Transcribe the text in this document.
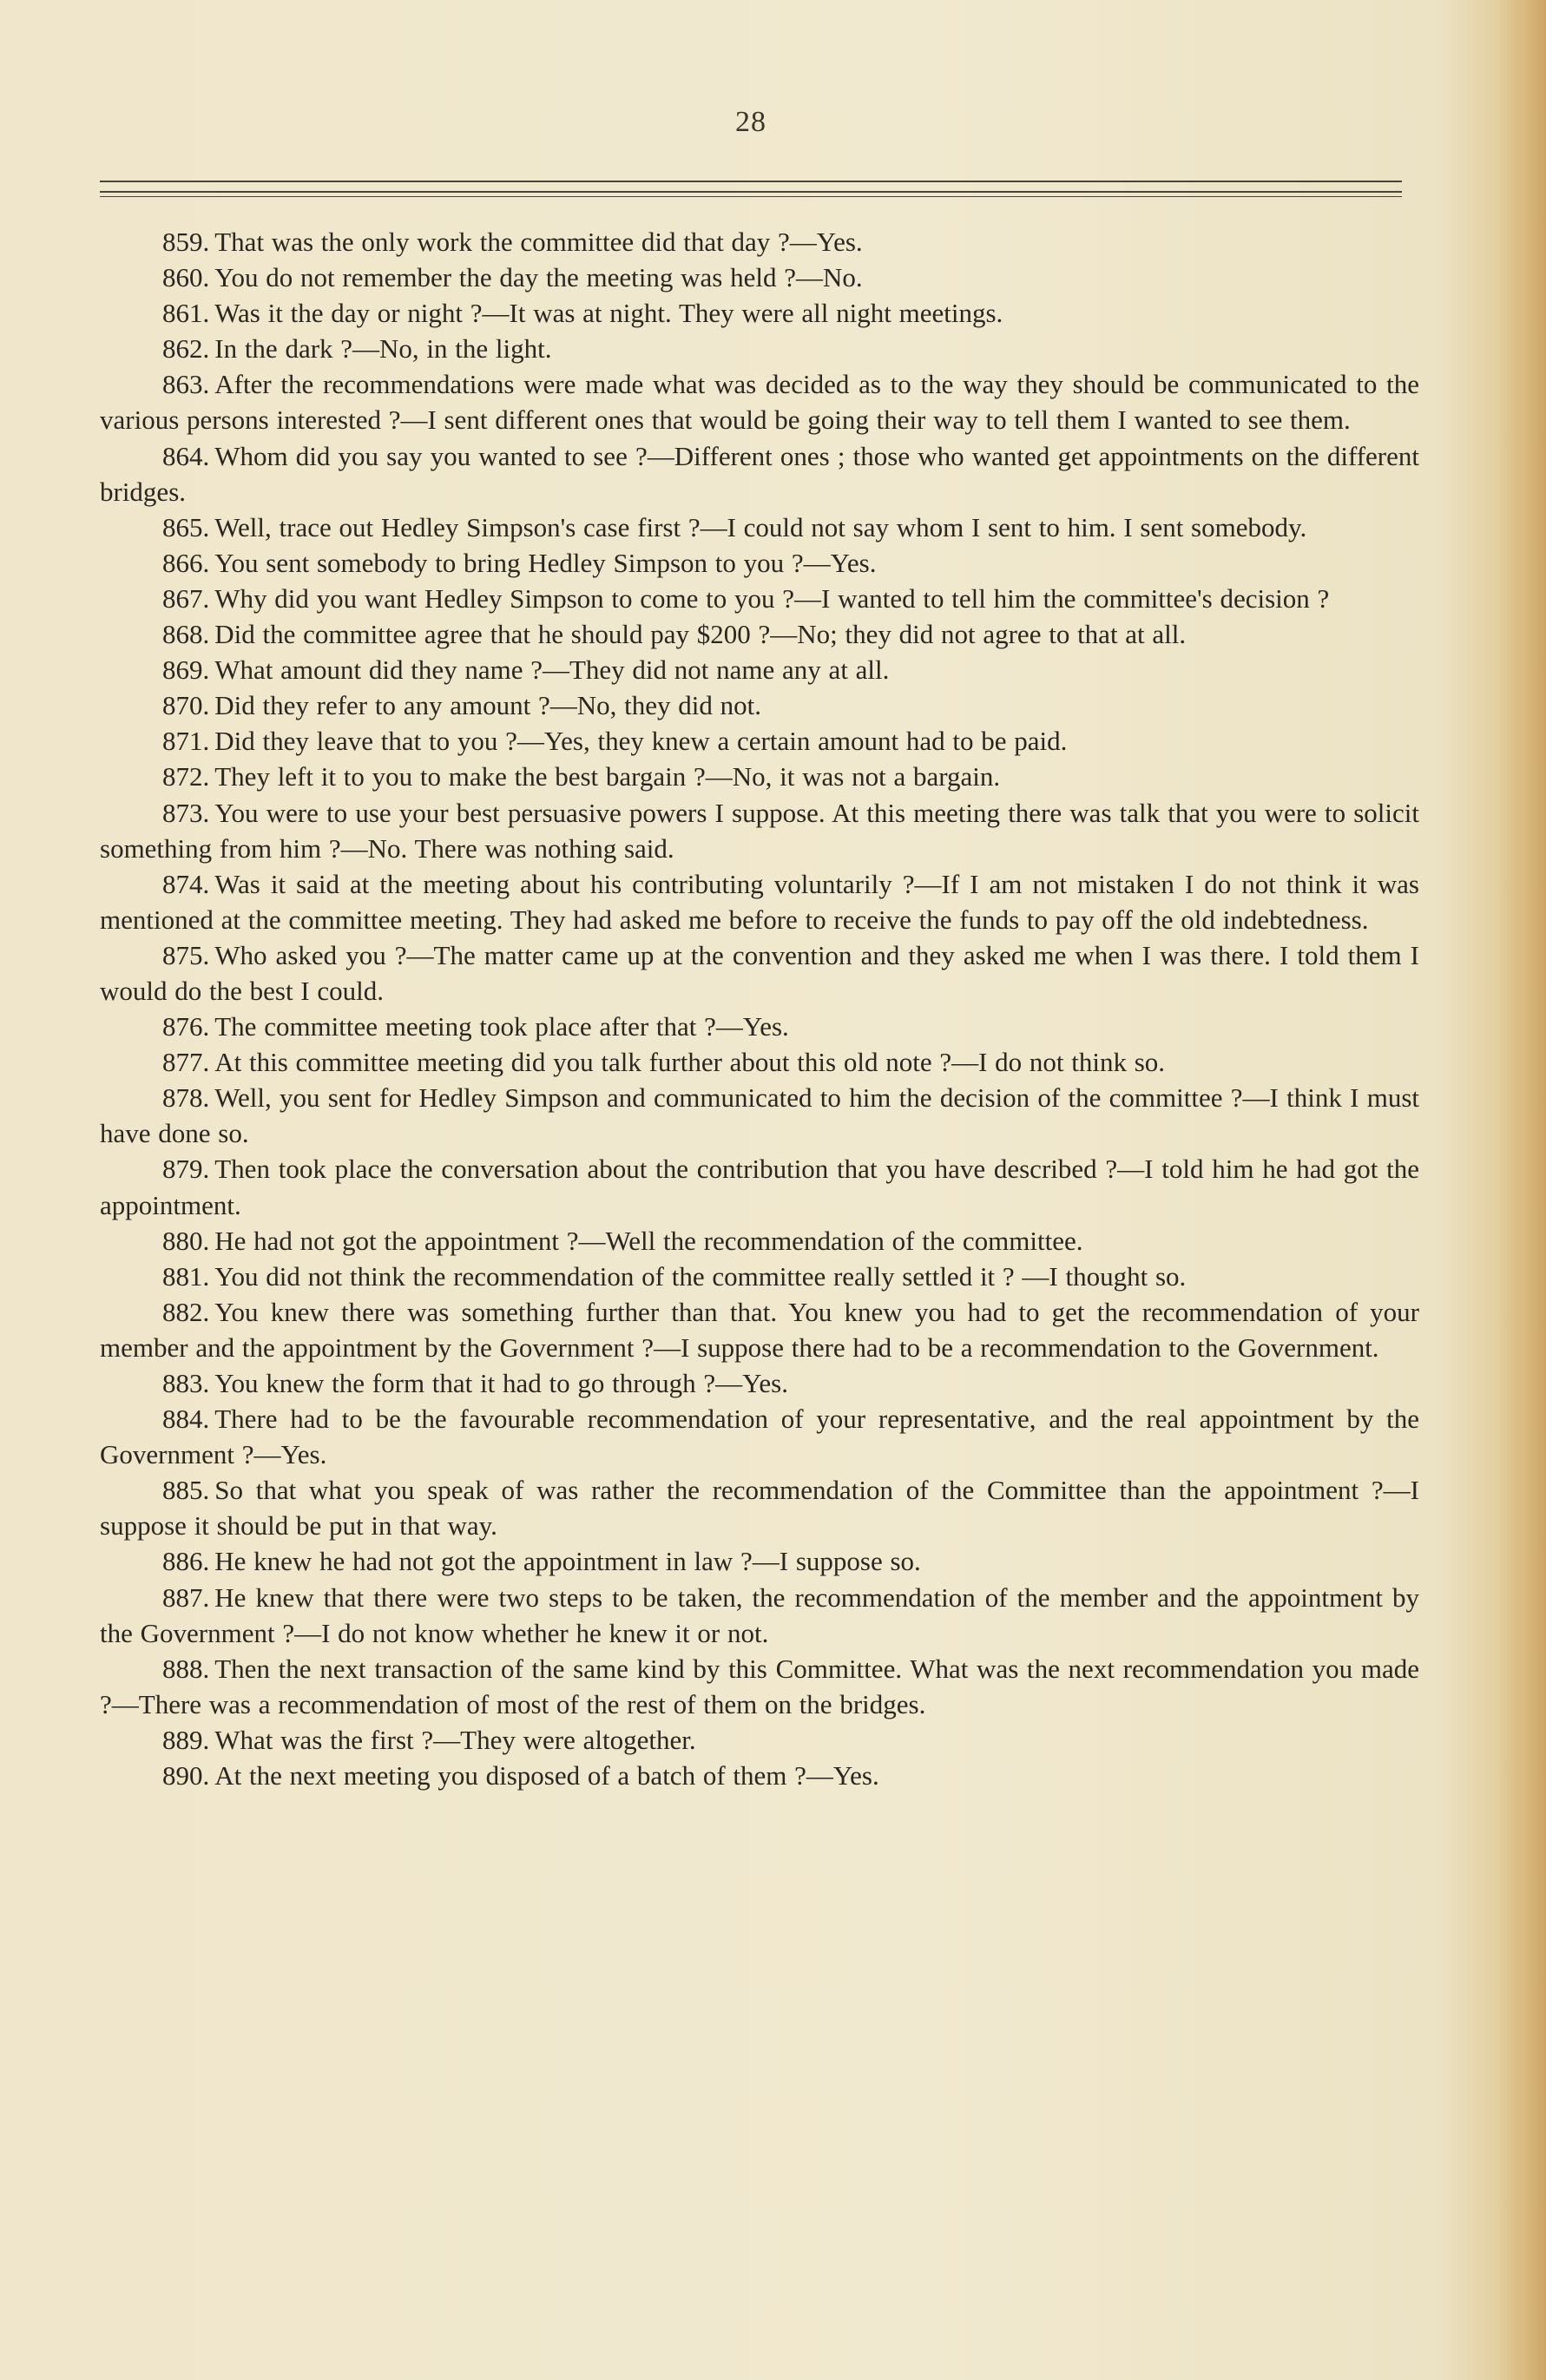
28

859. That was the only work the committee did that day ?—Yes.

860. You do not remember the day the meeting was held ?—No.

861. Was it the day or night ?—It was at night. They were all night meetings.

862. In the dark ?—No, in the light.

863. After the recommendations were made what was decided as to the way they should be communicated to the various persons interested ?—I sent different ones that would be going their way to tell them I wanted to see them.

864. Whom did you say you wanted to see ?—Different ones ; those who wanted get appointments on the different bridges.

865. Well, trace out Hedley Simpson's case first ?—I could not say whom I sent to him. I sent somebody.

866. You sent somebody to bring Hedley Simpson to you ?—Yes.

867. Why did you want Hedley Simpson to come to you ?—I wanted to tell him the committee's decision ?

868. Did the committee agree that he should pay $200 ?—No; they did not agree to that at all.

869. What amount did they name ?—They did not name any at all.

870. Did they refer to any amount ?—No, they did not.

871. Did they leave that to you ?—Yes, they knew a certain amount had to be paid.

872. They left it to you to make the best bargain ?—No, it was not a bargain.

873. You were to use your best persuasive powers I suppose. At this meeting there was talk that you were to solicit something from him ?—No. There was nothing said.

874. Was it said at the meeting about his contributing voluntarily ?—If I am not mistaken I do not think it was mentioned at the committee meeting. They had asked me before to receive the funds to pay off the old indebtedness.

875. Who asked you ?—The matter came up at the convention and they asked me when I was there. I told them I would do the best I could.

876. The committee meeting took place after that ?—Yes.

877. At this committee meeting did you talk further about this old note ?—I do not think so.

878. Well, you sent for Hedley Simpson and communicated to him the decision of the committee ?—I think I must have done so.

879. Then took place the conversation about the contribution that you have described ?—I told him he had got the appointment.

880. He had not got the appointment ?—Well the recommendation of the committee.

881. You did not think the recommendation of the committee really settled it ? —I thought so.

882. You knew there was something further than that. You knew you had to get the recommendation of your member and the appointment by the Government ?—I suppose there had to be a recommendation to the Government.

883. You knew the form that it had to go through ?—Yes.

884. There had to be the favourable recommendation of your representative, and the real appointment by the Government ?—Yes.

885. So that what you speak of was rather the recommendation of the Committee than the appointment ?—I suppose it should be put in that way.

886. He knew he had not got the appointment in law ?—I suppose so.

887. He knew that there were two steps to be taken, the recommendation of the member and the appointment by the Government ?—I do not know whether he knew it or not.

888. Then the next transaction of the same kind by this Committee. What was the next recommendation you made ?—There was a recommendation of most of the rest of them on the bridges.

889. What was the first ?—They were altogether.

890. At the next meeting you disposed of a batch of them ?—Yes.
